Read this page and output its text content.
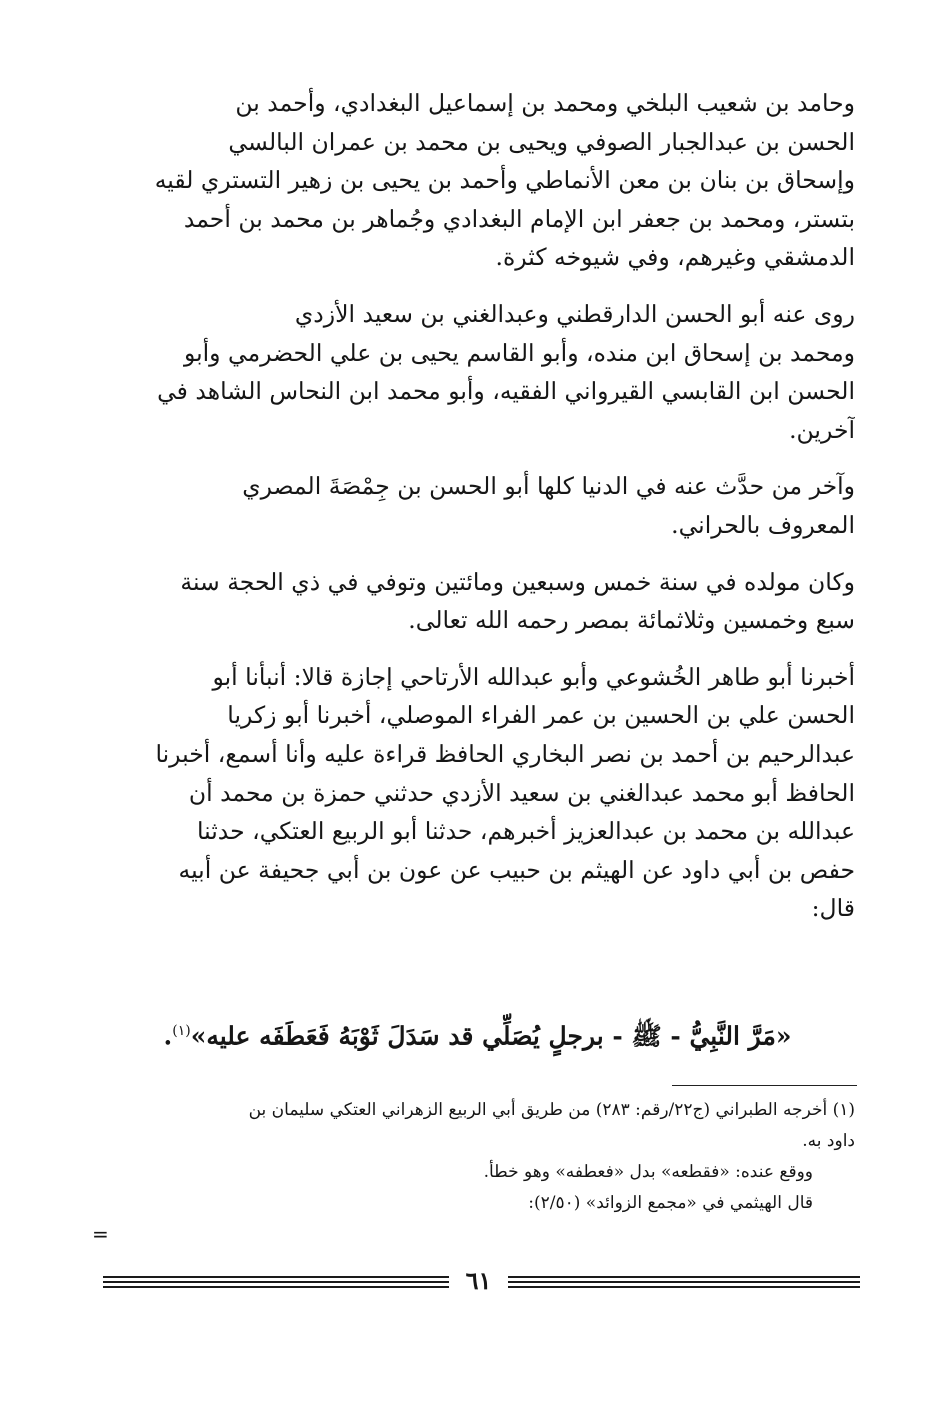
وحامد بن شعيب البلخي ومحمد بن إسماعيل البغدادي، وأحمد بن
الحسن بن عبدالجبار الصوفي ويحيى بن محمد بن عمران البالسي
وإسحاق بن بنان بن معن الأنماطي وأحمد بن يحيى بن زهير التستري لقيه
بتستر، ومحمد بن جعفر ابن الإمام البغدادي وجُماهر بن محمد بن أحمد
الدمشقي وغيرهم، وفي شيوخه كثرة.

روى عنه أبو الحسن الدارقطني وعبدالغني بن سعيد الأزدي
ومحمد بن إسحاق ابن منده، وأبو القاسم يحيى بن علي الحضرمي وأبو
الحسن ابن القابسي القيرواني الفقيه، وأبو محمد ابن النحاس الشاهد في
آخرين.

وآخر من حدَّث عنه في الدنيا كلها أبو الحسن بن جِمْصَةَ المصري
المعروف بالحراني.

وكان مولده في سنة خمس وسبعين ومائتين وتوفي في ذي الحجة سنة
سبع وخمسين وثلاثمائة بمصر رحمه الله تعالى.

أخبرنا أبو طاهر الخُشوعي وأبو عبدالله الأرتاحي إجازة قالا: أنبأنا أبو
الحسن علي بن الحسين بن عمر الفراء الموصلي، أخبرنا أبو زكريا
عبدالرحيم بن أحمد بن نصر البخاري الحافظ قراءة عليه وأنا أسمع، أخبرنا
الحافظ أبو محمد عبدالغني بن سعيد الأزدي حدثني حمزة بن محمد أن
عبدالله بن محمد بن عبدالعزيز أخبرهم، حدثنا أبو الربيع العتكي، حدثنا
حفص بن أبي داود عن الهيثم بن حبيب عن عون بن أبي جحيفة عن أبيه
قال:

«مَرَّ النَّبِيُّ - ﷺ - برجلٍ يُصَلِّي قد سَدَلَ ثَوْبَهُ فَعَطَفَه عليه»$^{(١)}$.
(١) أخرجه الطبراني (ج٢٢/رقم: ٢٨٣) من طريق أبي الربيع الزهراني العتكي سليمان بن
داود به.
ووقع عنده: «فقطعه» بدل «فعطفه» وهو خطأ.
قال الهيثمي في «مجمع الزوائد» (٢/٥٠):
=
٦١
